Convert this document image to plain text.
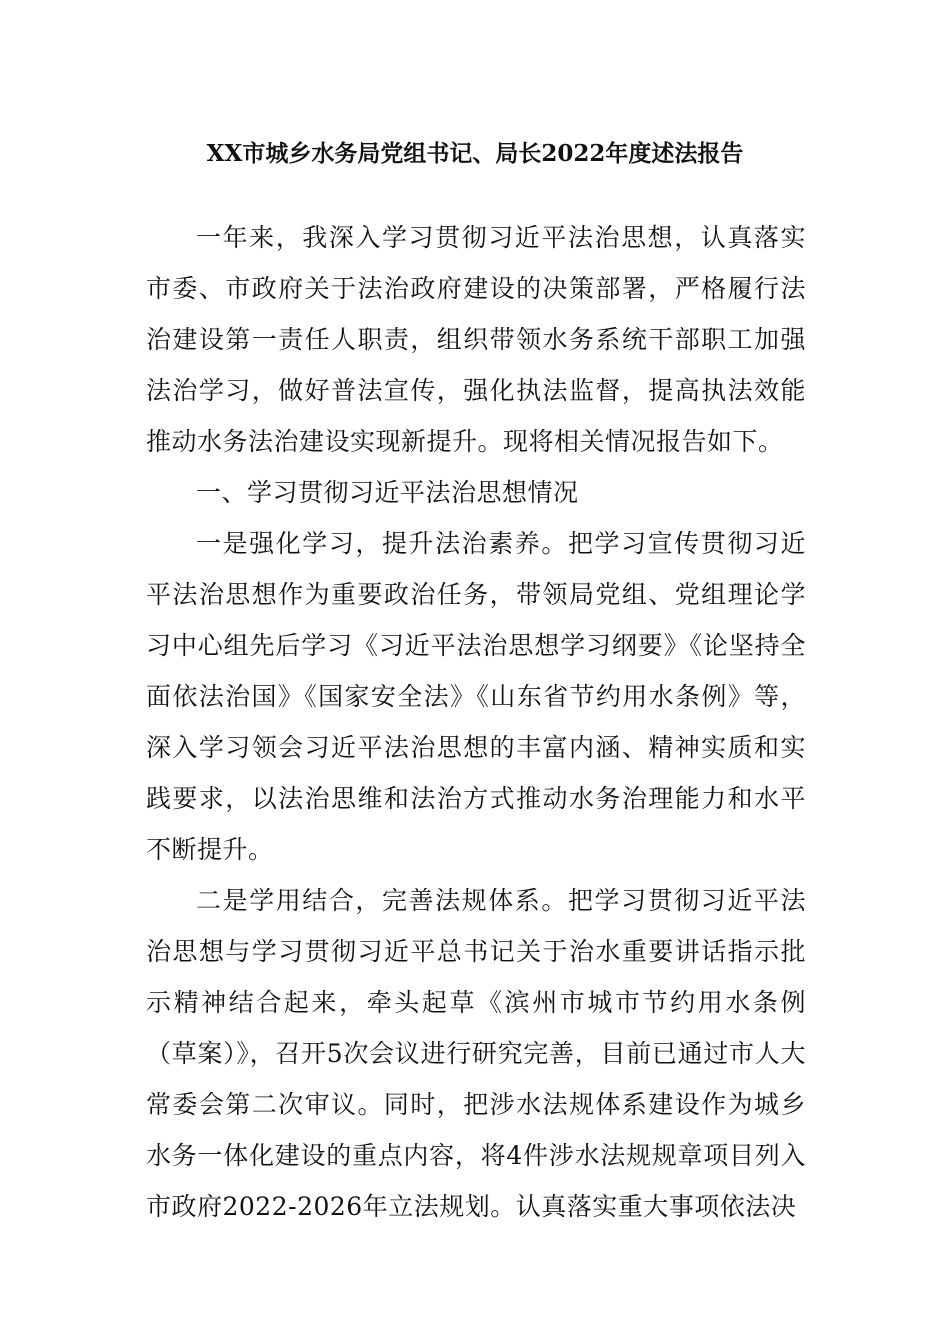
XX市城乡水务局党组书记、局长2022年度述法报告

一年来，我深入学习贯彻习近平法治思想，认真落实市委、市政府关于法治政府建设的决策部署，严格履行法治建设第一责任人职责，组织带领水务系统干部职工加强法治学习，做好普法宣传，强化执法监督，提高执法效能推动水务法治建设实现新提升。现将相关情况报告如下。

一、学习贯彻习近平法治思想情况

一是强化学习，提升法治素养。把学习宣传贯彻习近平法治思想作为重要政治任务，带领局党组、党组理论学习中心组先后学习《习近平法治思想学习纲要》《论坚持全面依法治国》《国家安全法》《山东省节约用水条例》等，深入学习领会习近平法治思想的丰富内涵、精神实质和实践要求，以法治思维和法治方式推动水务治理能力和水平不断提升。

二是学用结合，完善法规体系。把学习贯彻习近平法治思想与学习贯彻习近平总书记关于治水重要讲话指示批示精神结合起来，牵头起草《滨州市城市节约用水条例（草案）》，召开5次会议进行研究完善，目前已通过市人大常委会第二次审议。同时，把涉水法规体系建设作为城乡水务一体化建设的重点内容，将4件涉水法规规章项目列入市政府2022-2026年立法规划。认真落实重大事项依法决
